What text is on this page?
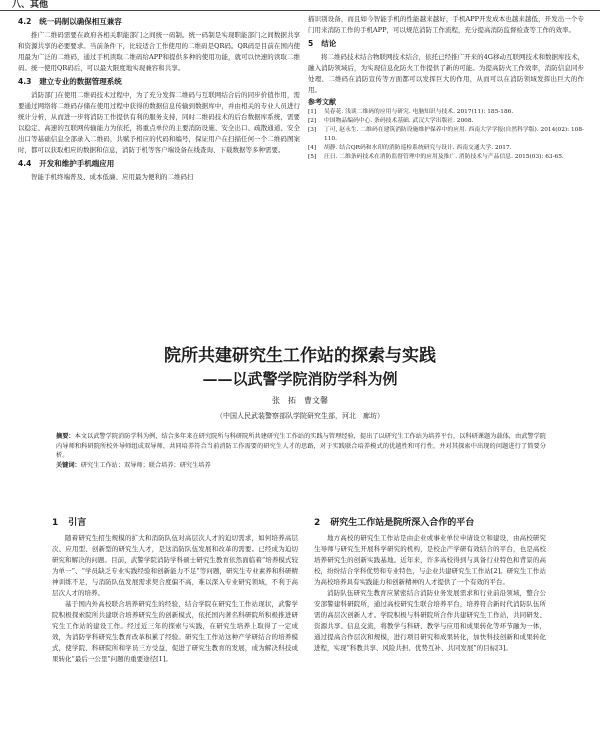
八、其他
4.2 统一码制以确保相互兼容

推广二维码需要在政府各相关职能部门之间统一码制。统一码制是实现职能部门之间数据共享和资源共享的必要要求。当前条件下，比较适合工作使用的二维码是QR码。QR码是目前在国内使用最为广泛的二维码，通过手机读取二维码给APP和提供多种的使用功能，就可以快速的读取二维码。统一使用QR码后，可以最大限度地实现兼容和共享。

4.3 建立专业的数据管理系统

消防部门在使用二维码技术过程中，为了充分发挥二维码与互联网结合后的同步价值作用，需要通过网络将二维码存储在使用过程中获得的数据信息传输到数据库中，并由相关的专业人员进行统计分析，从而进一步将消防工作提供有利的服务支持，同时二维码技术的后台数据库系统，需要以稳定、高速的互联网传输能力为依托，将重点单位的主要消防设施、安全出口、疏散通道、安全出口等基础信息全部录入二维码，共赋予相应的代码和编号，保证用户在扫描任何一个二维码图案时，都可以获取相应的数据和信息，消防于机等客户端设备在线查询、下载数据等多种需要。

4.4 开发和维护手机端应用

智能手机终端普及、成本低廉、应用最为便利的二维码扫

描识别设备，而且如今智能手机的性能越来越好，手机APP开发成本也越来越低，开发出一个专门用来消防工作的手机APP，可以规范消防工作流程，充分提高消防监督检查等工作的效率。

5 结论

将二维码技术结合物联网技术结合，依托已经推广开来的4G移动互联网技术和数据库技术，融入消防领域后，为实现信息化防火工作提供了新的可能。为提高防火工作效率，消防信息同步处理、二维码在消防宣传等方面都可以发挥巨大的作用，从而可以在消防领域发挥出巨大的作用。

参考文献
[1] 吴春花. 浅谈二维码的应用与研究. 电脑知识与技术. 2017(11): 185-186.
[2] 中国物品编码中心. 条码技术基础. 武汉大学出版社. 2008.
[3] 丁可, 赵永生. 二维码在建筑消防设施维护保养中的应用. 西南大学学报(自然科学版). 2014(02): 108-110.
[4] 胡静. 结合QR码和水印的消防巡检系统研究与设计. 西南交通大学. 2017.
[5] 汪日. 二维条码技术在消防监督管理中的应用及推广. 消防技术与产品信息. 2015(03): 63-65.
院所共建研究生工作站的探索与实践
——以武警学院消防学科为例
张　拓　曹文馨
（中国人民武装警察部队学院研究生部，河北　廊坊）
摘要：本文以武警学院消防学科为例，结合多年来在研究院所与科研院所共建研究生工作站的实践与管理经验，提出了以研究生工作站为培养平台，以科研课题为载体，由武警学院内导师和科研院所校外导师组成双导师，共同培养符合当前消防工作需要的研究生人才的思路，对于实践联合培养模式的优越性和可行性，并对其探索中出现的问题进行了简要分析。
关键词：研究生工作站；双导师；联合培养；研究生培养
1 引言

随着研究生招生规模的扩大和消防队伍对高层次人才的迫切需求，如何培养高层次、应用型、创新型的研究生人才，是这消防队伍发展和改革的需要。已经成为迫切研究和解决的问题。目前，武警学院消防学科硕士研究生教育依然面临着“培养模式较为单一”、“学员缺乏专业实践经验和创新能力不足”等问题，研究生专业素养和科研精神训练不足，与消防队伍发展需求契合度偏不高，难以深入专业研究领域，不利于高层次人才的培养。

基于国内外高校联合培养研究生的经验，结合学院在研究生工作站现状，武警学院积极探索院所共建联合培养研究生的创新模式，依托国内著名科研院所积极推进研究生工作站的建设工作。经过近三年的探索与实践，在研究生培养上取得了一定成效，为消防学科研究生教育改革积累了经验。研究生工作站这种产学研结合的培养模式，使学院、科研院所和学员三方受益，促进了研究生教育的发展，成为解决科技成果转化“最后一公里”问题的重要途径[1]。

2 研究生工作站是院所深入合作的平台

地方高校的研究生工作站是由企业或事业单位申请设立和建设，由高校研究生导师与研究生开展科学研究的机构，是校企产学研有效结合的平台，也是高校培养研究生的创新实践基地。近年来，许多高校得到与具备行业特色和背景的高校，纷纷结合学科优势和专业特色，与企业共建研究生工作站[2]。研究生工作站为高校培养具有实践能力和创新精神的人才提供了一个有效的平台。

消防队伍研究生教育应紧密结合消防业务发展需求和行业前沿领域，整合公安部警建科研院所，通过高校研究生联合培养平台，培养符合新时代消防队伍所需的高层次创新人才。学院积极与科研院所合作共建研究生工作站，共同研发、资源共享、信息交流，将教学与科研、教学与应用和成果转化等环节融为一体，通过提高合作层次和规模，进行项目研究和成果转化，加快科技创新和成果转化进程，实现“科教共享、风险共担、优势互补、共同发展”的目标[3]。
